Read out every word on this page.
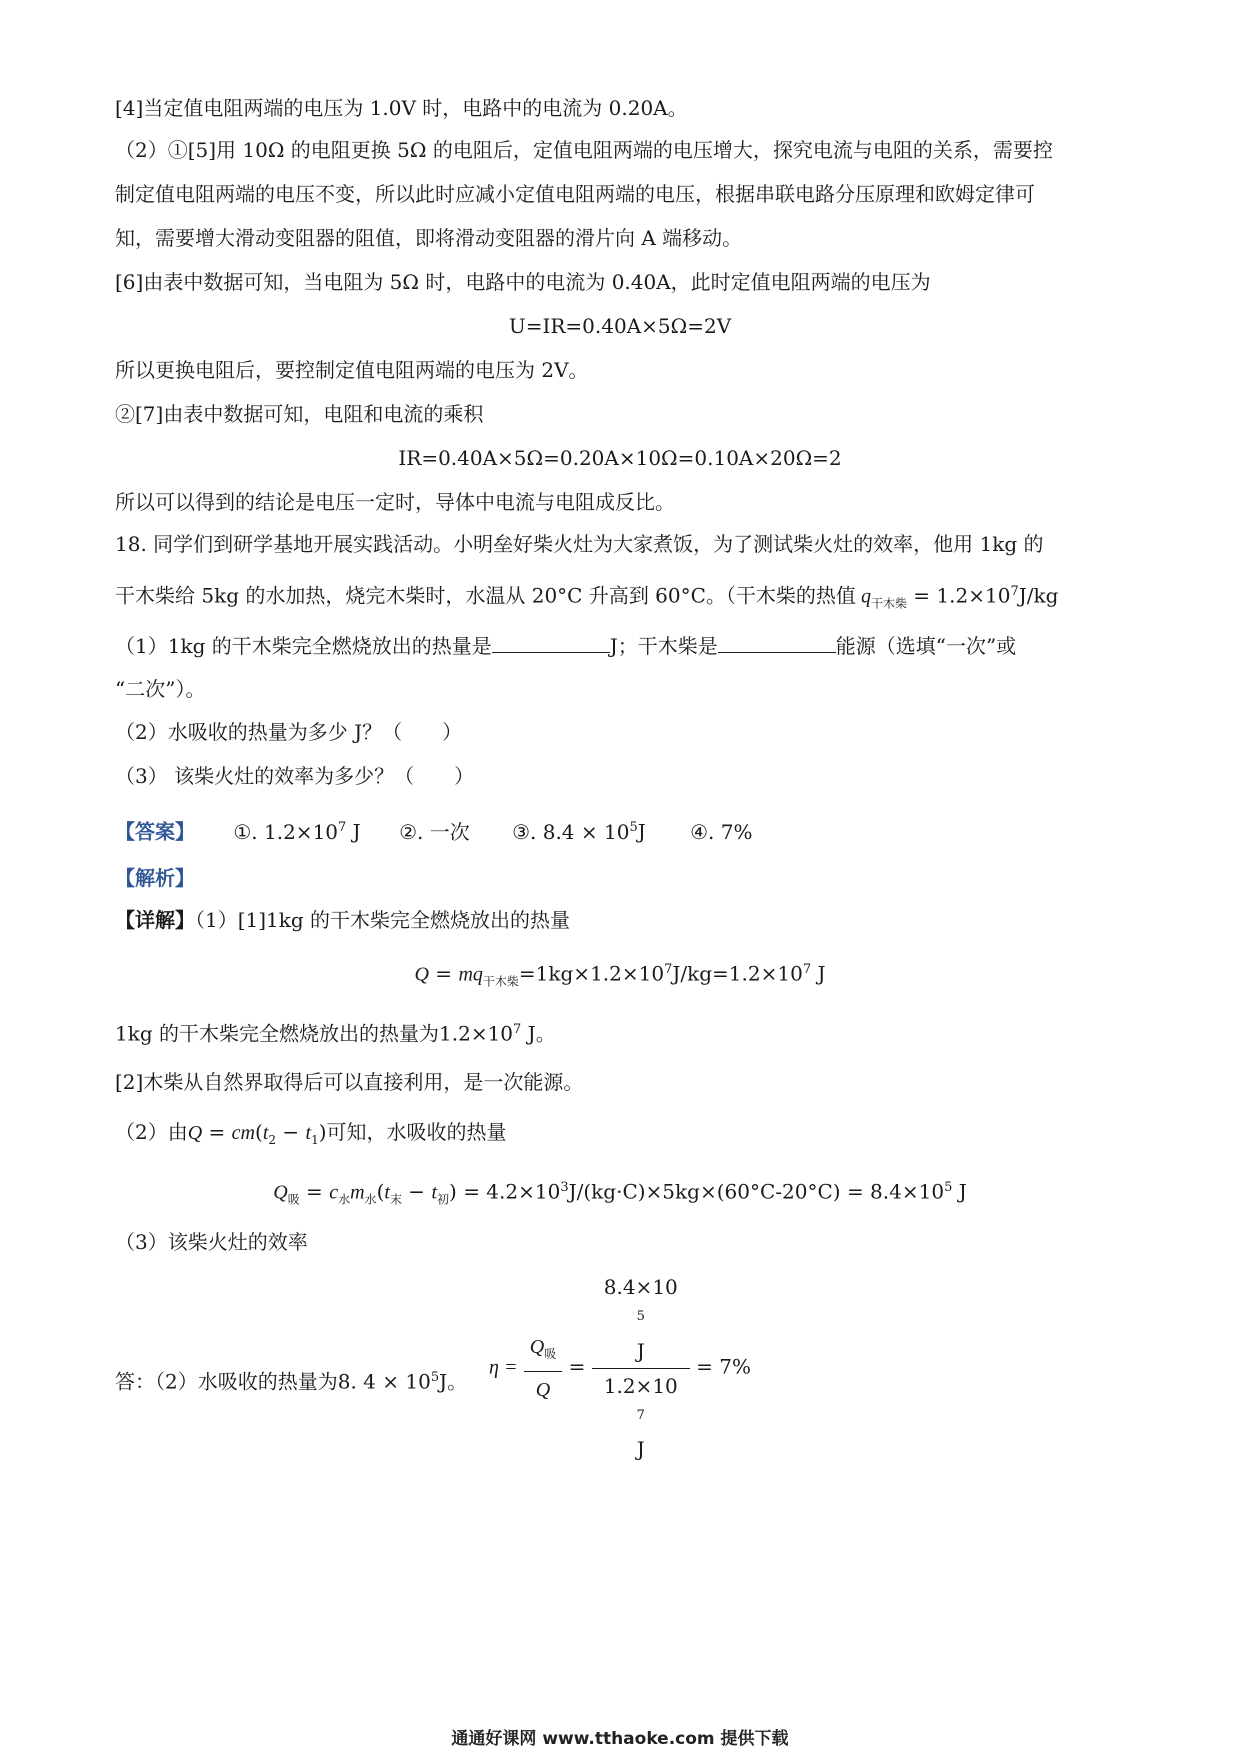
[4]当定值电阻两端的电压为 1.0V 时，电路中的电流为 0.20A。
（2）①[5]用 10Ω 的电阻更换 5Ω 的电阻后，定值电阻两端的电压增大，探究电流与电阻的关系，需要控
制定值电阻两端的电压不变，所以此时应减小定值电阻两端的电压，根据串联电路分压原理和欧姆定律可
知，需要增大滑动变阻器的阻值，即将滑动变阻器的滑片向 A 端移动。
[6]由表中数据可知，当电阻为 5Ω 时，电路中的电流为 0.40A，此时定值电阻两端的电压为
U=IR=0.40A×5Ω=2V
所以更换电阻后，要控制定值电阻两端的电压为 2V。
②[7]由表中数据可知，电阻和电流的乘积
IR=0.40A×5Ω=0.20A×10Ω=0.10A×20Ω=2
所以可以得到的结论是电压一定时，导体中电流与电阻成反比。
18. 同学们到研学基地开展实践活动。小明垒好柴火灶为大家煮饭，为了测试柴火灶的效率，他用 1kg 的
干木柴给 5kg 的水加热，烧完木柴时，水温从 20°C 升高到 60°C。（干木柴的热值 $q_{干木柴} = 1.2\times 10^7J/kg$
（1）1kg 的干木柴完全燃烧放出的热量是	J；干木柴是	能源（选填“一次”或
“二次”）。
（2）水吸收的热量为多少 J？（　　）
（3） 该柴火灶的效率为多少？（　　）
【答案】 ①. $1.2\times 10^7$ J ②. 一次 ③. $8.4 \times 10^5J$ ④. 7%
【解析】
【详解】（1）[1]1kg 的干木柴完全燃烧放出的热量
$Q = mq_{干木柴}=1kg\times 1.2\times 10^7J/kg=1.2\times 10^7$ J
1kg 的干木柴完全燃烧放出的热量为$1.2\times 10^7$ J。
[2]木柴从自然界取得后可以直接利用，是一次能源。
（2）由$Q = cm(t_2 - t_1)$可知，水吸收的热量
$Q_吸 = c_水m_水(t_末 - t_初) = 4.2\times 10^3J/(kg\cdot C)\times 5kg\times(60^\circ C-20^\circ C) = 8.4\times 10^5$ J
（3）该柴火灶的效率
$\eta = \frac{Q_吸}{Q} = 8.4\times 10$
$^5$
J
1.2×10
$^7$
J = 7%
答：（2）水吸收的热量为8. $4 \times 10^5J$。
通通好课网 www.tthaoke.com 提供下载
